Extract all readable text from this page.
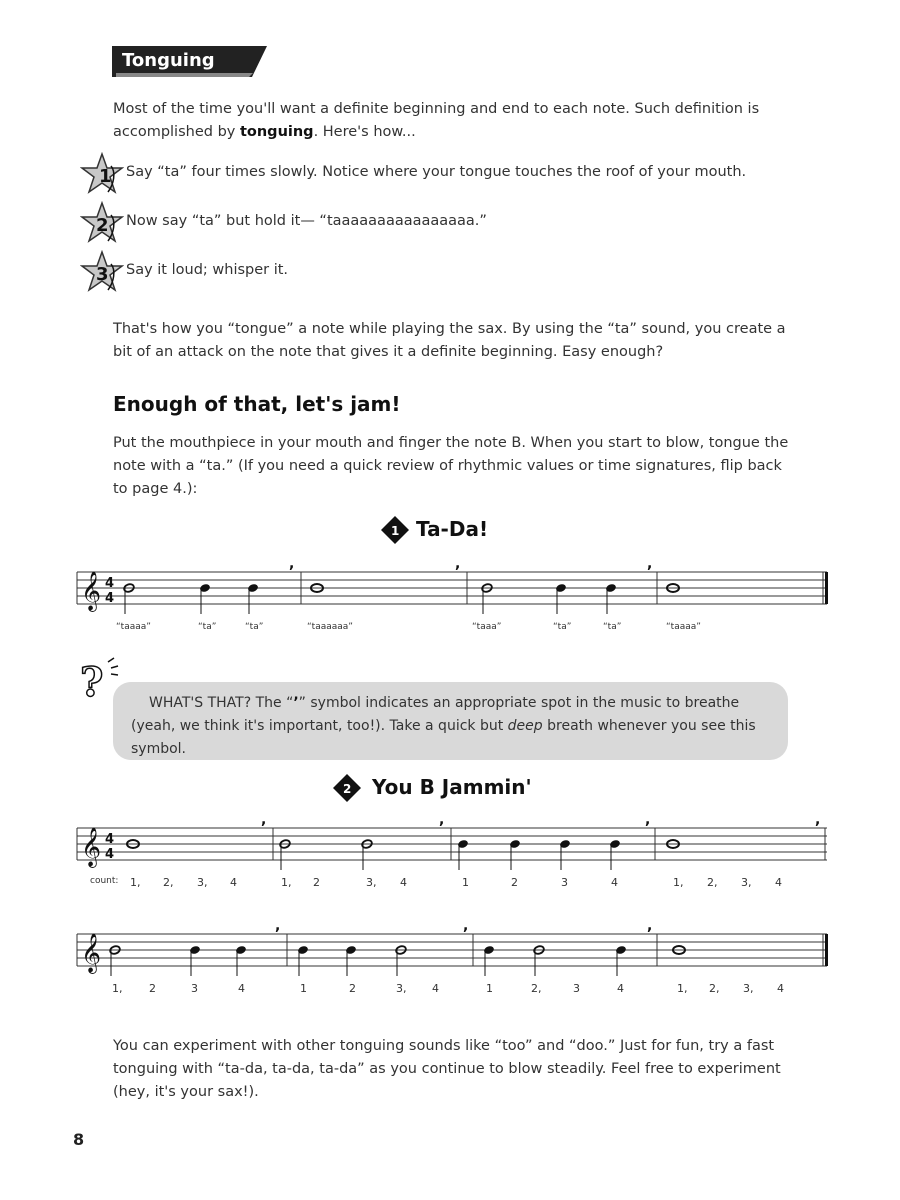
Tonguing
Most of the time you'll want a definite beginning and end to each note. Such definition is accomplished by tonguing. Here's how...
1 Say “ta” four times slowly. Notice where your tongue touches the roof of your mouth.
2 Now say “ta” but hold it— “taaaaaaaaaaaaaaaa.”
3 Say it loud; whisper it.
That's how you “tongue” a note while playing the sax. By using the “ta” sound, you create a bit of an attack on the note that gives it a definite beginning. Easy enough?
Enough of that, let's jam!
Put the mouthpiece in your mouth and finger the note B. When you start to blow, tongue the note with a “ta.” (If you need a quick review of rhythmic values or time signatures, flip back to page 4.):
1 Ta-Da!
𝄞 4
4
,	,	,
“taaaa”	“ta”	“ta”	“taaaaaa”	“taaa”	“ta”	“ta”	“taaaa”
?	WHAT'S THAT? The “’” symbol indicates an appropriate spot in the music to breathe (yeah, we think it's important, too!). Take a quick but deep breath whenever you see this symbol.

2 You B Jammin'
𝄞 4
4
,	,	,	,
count: 1, 2, 3, 4	1, 2	3, 4	1	2	3	4	1, 2, 3, 4
𝄞
,	,	,
1, 2	3	4	1	2	3, 4	1	2,	3	4	1, 2, 3, 4
You can experiment with other tonguing sounds like “too” and “doo.” Just for fun, try a fast tonguing with “ta-da, ta-da, ta-da” as you continue to blow steadily. Feel free to experiment (hey, it's your sax!).
8
